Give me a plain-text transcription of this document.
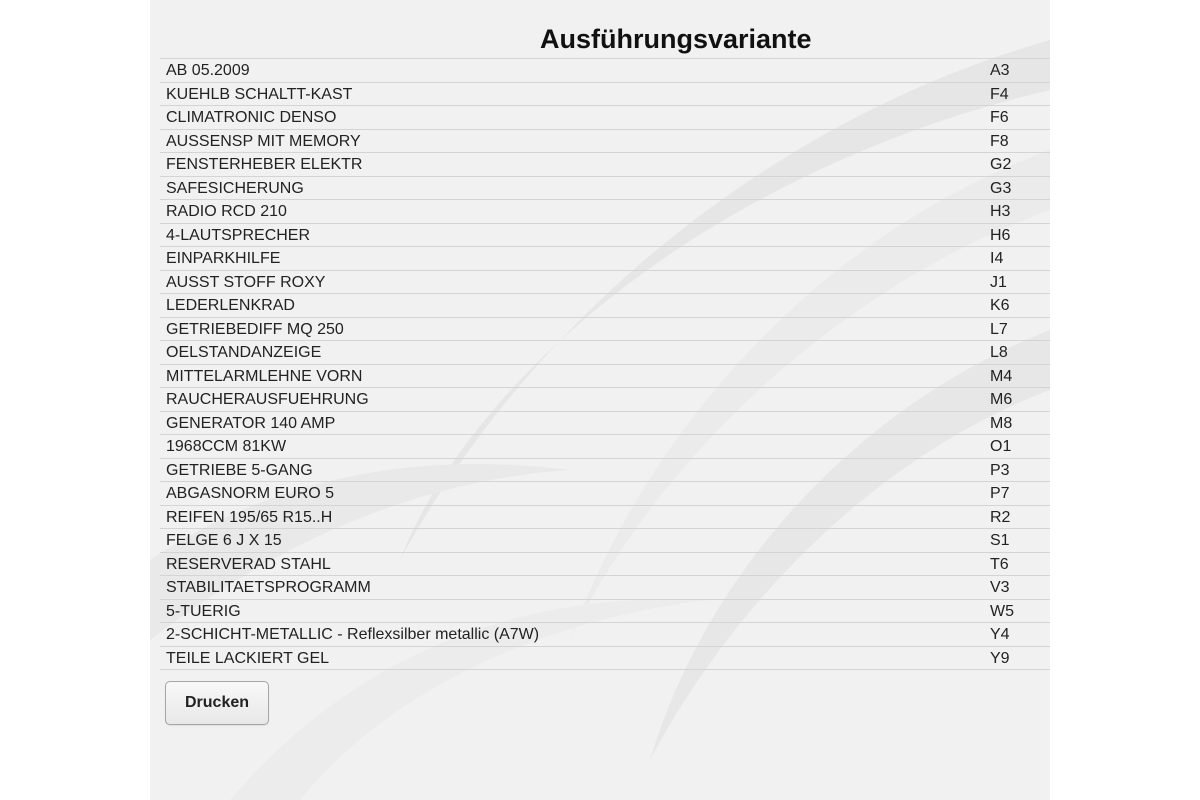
Ausführungsvariante
AB 05.2009	A3
KUEHLB SCHALTT-KAST	F4
CLIMATRONIC DENSO	F6
AUSSENSP MIT MEMORY	F8
FENSTERHEBER ELEKTR	G2
SAFESICHERUNG	G3
RADIO RCD 210	H3
4-LAUTSPRECHER	H6
EINPARKHILFE	I4
AUSST STOFF ROXY	J1
LEDERLENKRAD	K6
GETRIEBEDIFF MQ 250	L7
OELSTANDANZEIGE	L8
MITTELARMLEHNE VORN	M4
RAUCHERAUSFUEHRUNG	M6
GENERATOR 140 AMP	M8
1968CCM 81KW	O1
GETRIEBE 5-GANG	P3
ABGASNORM EURO 5	P7
REIFEN 195/65 R15..H	R2
FELGE 6 J X 15	S1
RESERVERAD STAHL	T6
STABILITAETSPROGRAMM	V3
5-TUERIG	W5
2-SCHICHT-METALLIC - Reflexsilber metallic (A7W)	Y4
TEILE LACKIERT GEL	Y9
Drucken
